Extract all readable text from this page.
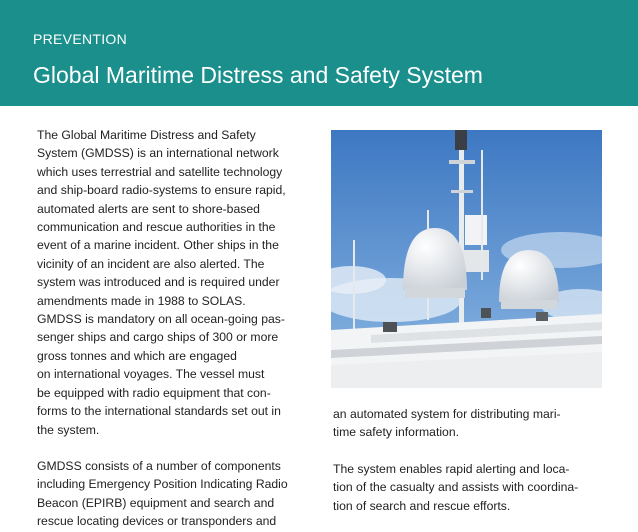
PREVENTION
Global Maritime Distress and Safety System

The Global Maritime Distress and Safety
System (GMDSS) is an international network
which uses terrestrial and satellite technology
and ship-board radio-systems to ensure rapid,
automated alerts are sent to shore-based
communication and rescue authorities in the
event of a marine incident. Other ships in the
vicinity of an incident are also alerted. The
system was introduced and is required under
amendments made in 1988 to SOLAS.
GMDSS is mandatory on all ocean-going pas-
senger ships and cargo ships of 300 or more
gross tonnes and which are engaged
on international voyages. The vessel must
be equipped with radio equipment that con-
forms to the international standards set out in
the system.

GMDSS consists of a number of components
including Emergency Position Indicating Radio
Beacon (EPIRB) equipment and search and
rescue locating devices or transponders and

an automated system for distributing mari-
time safety information.

The system enables rapid alerting and loca-
tion of the casualty and assists with coordina-
tion of search and rescue efforts.
